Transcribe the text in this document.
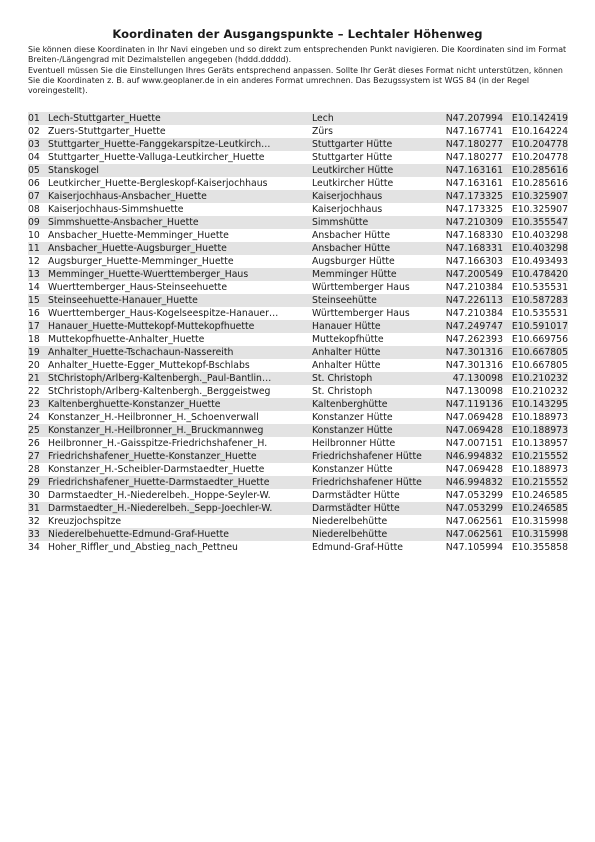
Koordinaten der Ausgangspunkte – Lechtaler Höhenweg

Sie können diese Koordinaten in Ihr Navi eingeben und so direkt zum entsprechenden Punkt navigieren. Die Koordinaten sind im Format Breiten-/Längengrad mit Dezimalstellen angegeben (hddd.ddddd).

Eventuell müssen Sie die Einstellungen Ihres Geräts entsprechend anpassen. Sollte Ihr Gerät dieses Format nicht unterstützen, können Sie die Koordinaten z. B. auf www.geoplaner.de in ein anderes Format umrechnen. Das Bezugssystem ist WGS 84 (in der Regel voreingestellt).

01	Lech-Stuttgarter_Huette	Lech	N47.207994	E10.142419
02	Zuers-Stuttgarter_Huette	Zürs	N47.167741	E10.164224
03	Stuttgarter_Huette-Fanggekarspitze-Leutkirch…	Stuttgarter Hütte	N47.180277	E10.204778
04	Stuttgarter_Huette-Valluga-Leutkircher_Huette	Stuttgarter Hütte	N47.180277	E10.204778
05	Stanskogel	Leutkircher Hütte	N47.163161	E10.285616
06	Leutkircher_Huette-Bergleskopf-Kaiserjochhaus	Leutkircher Hütte	N47.163161	E10.285616
07	Kaiserjochhaus-Ansbacher_Huette	Kaiserjochhaus	N47.173325	E10.325907
08	Kaiserjochhaus-Simmshuette	Kaiserjochhaus	N47.173325	E10.325907
09	Simmshuette-Ansbacher_Huette	Simmshütte	N47.210309	E10.355547
10	Ansbacher_Huette-Memminger_Huette	Ansbacher Hütte	N47.168330	E10.403298
11	Ansbacher_Huette-Augsburger_Huette	Ansbacher Hütte	N47.168331	E10.403298
12	Augsburger_Huette-Memminger_Huette	Augsburger Hütte	N47.166303	E10.493493
13	Memminger_Huette-Wuerttemberger_Haus	Memminger Hütte	N47.200549	E10.478420
14	Wuerttemberger_Haus-Steinseehuette	Württemberger Haus	N47.210384	E10.535531
15	Steinseehuette-Hanauer_Huette	Steinseehütte	N47.226113	E10.587283
16	Wuerttemberger_Haus-Kogelseespitze-Hanauer…	Württemberger Haus	N47.210384	E10.535531
17	Hanauer_Huette-Muttekopf-Muttekopfhuette	Hanauer Hütte	N47.249747	E10.591017
18	Muttekopfhuette-Anhalter_Huette	Muttekopfhütte	N47.262393	E10.669756
19	Anhalter_Huette-Tschachaun-Nassereith	Anhalter Hütte	N47.301316	E10.667805
20	Anhalter_Huette-Egger_Muttekopf-Bschlabs	Anhalter Hütte	N47.301316	E10.667805
21	StChristoph/Arlberg-Kaltenbergh._Paul-Bantlin…	St. Christoph	47.130098	E10.210232
22	StChristoph/Arlberg-Kaltenbergh._Berggeistweg	St. Christoph	N47.130098	E10.210232
23	Kaltenberghuette-Konstanzer_Huette	Kaltenberghütte	N47.119136	E10.143295
24	Konstanzer_H.-Heilbronner_H._Schoenverwall	Konstanzer Hütte	N47.069428	E10.188973
25	Konstanzer_H.-Heilbronner_H._Bruckmannweg	Konstanzer Hütte	N47.069428	E10.188973
26	Heilbronner_H.-Gaisspitze-Friedrichshafener_H.	Heilbronner Hütte	N47.007151	E10.138957
27	Friedrichshafener_Huette-Konstanzer_Huette	Friedrichshafener Hütte	N46.994832	E10.215552
28	Konstanzer_H.-Scheibler-Darmstaedter_Huette	Konstanzer Hütte	N47.069428	E10.188973
29	Friedrichshafener_Huette-Darmstaedter_Huette	Friedrichshafener Hütte	N46.994832	E10.215552
30	Darmstaedter_H.-Niederelbeh._Hoppe-Seyler-W.	Darmstädter Hütte	N47.053299	E10.246585
31	Darmstaedter_H.-Niederelbeh._Sepp-Joechler-W.	Darmstädter Hütte	N47.053299	E10.246585
32	Kreuzjochspitze	Niederelbehütte	N47.062561	E10.315998
33	Niederelbehuette-Edmund-Graf-Huette	Niederelbehütte	N47.062561	E10.315998
34	Hoher_Riffler_und_Abstieg_nach_Pettneu	Edmund-Graf-Hütte	N47.105994	E10.355858
